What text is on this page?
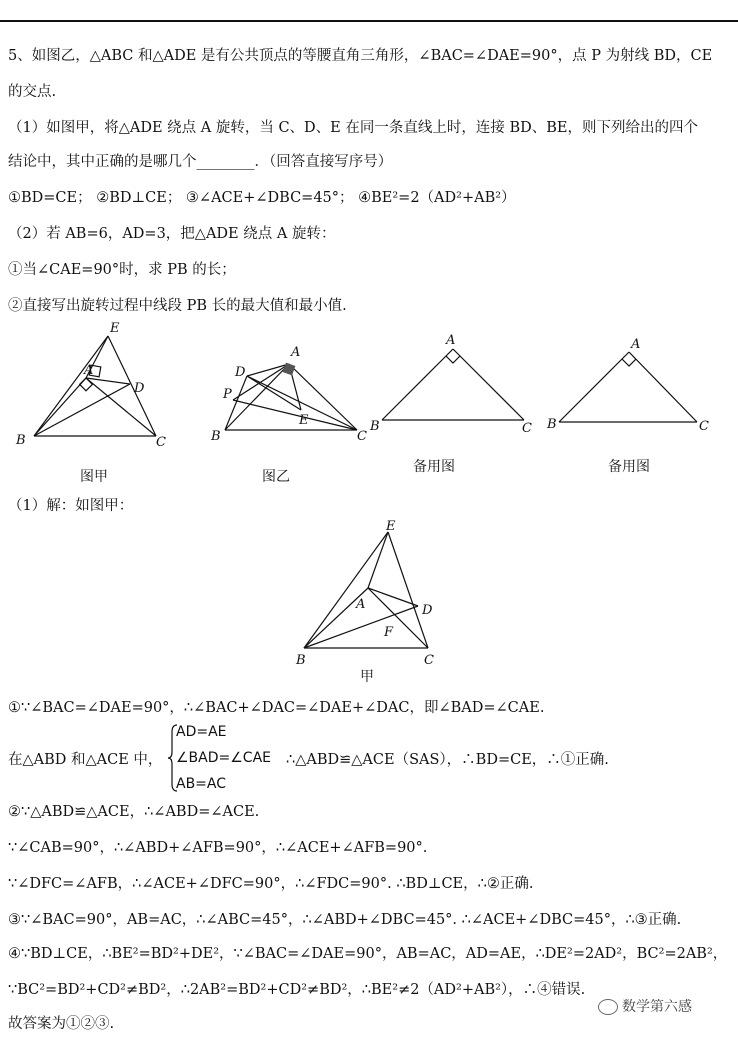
5、如图乙，△ABC 和△ADE 是有公共顶点的等腰直角三角形，∠BAC=∠DAE=90°，点 P 为射线 BD，CE
的交点.
（1）如图甲，将△ADE 绕点 A 旋转，当 C、D、E 在同一条直线上时，连接 BD、BE，则下列给出的四个
结论中，其中正确的是哪几个________．（回答直接写序号）
①BD=CE； ②BD⊥CE； ③∠ACE+∠DBC=45°； ④BE²=2（AD²+AB²）
（2）若 AB=6，AD=3，把△ADE 绕点 A 旋转：
①当∠CAE=90°时，求 PB 的长；
②直接写出旋转过程中线段 PB 长的最大值和最小值.
E
A
D
B	C
图甲
A
D
P
E
B	C
图乙
A
B	C
备用图
A
B	C
备用图
（1）解：如图甲：
E
A	D
F
B	C
甲
①∵∠BAC=∠DAE=90°，∴∠BAC+∠DAC=∠DAE+∠DAC，即∠BAD=∠CAE.
在△ABD 和△ACE 中，
AD=AE
∠BAD=∠CAE
AB=AC
∴△ABD≌△ACE（SAS），∴BD=CE，∴①正确.
②∵△ABD≌△ACE，∴∠ABD=∠ACE.
∵∠CAB=90°，∴∠ABD+∠AFB=90°，∴∠ACE+∠AFB=90°.
∵∠DFC=∠AFB，∴∠ACE+∠DFC=90°，∴∠FDC=90°. ∴BD⊥CE，∴②正确.
③∵∠BAC=90°，AB=AC，∴∠ABC=45°，∴∠ABD+∠DBC=45°. ∴∠ACE+∠DBC=45°，∴③正确.
④∵BD⊥CE，∴BE²=BD²+DE²，∵∠BAC=∠DAE=90°，AB=AC，AD=AE，∴DE²=2AD²，BC²=2AB²，
∵BC²=BD²+CD²≠BD²，∴2AB²=BD²+CD²≠BD²，∴BE²≠2（AD²+AB²），∴④错误.
故答案为①②③.
数学第六感
